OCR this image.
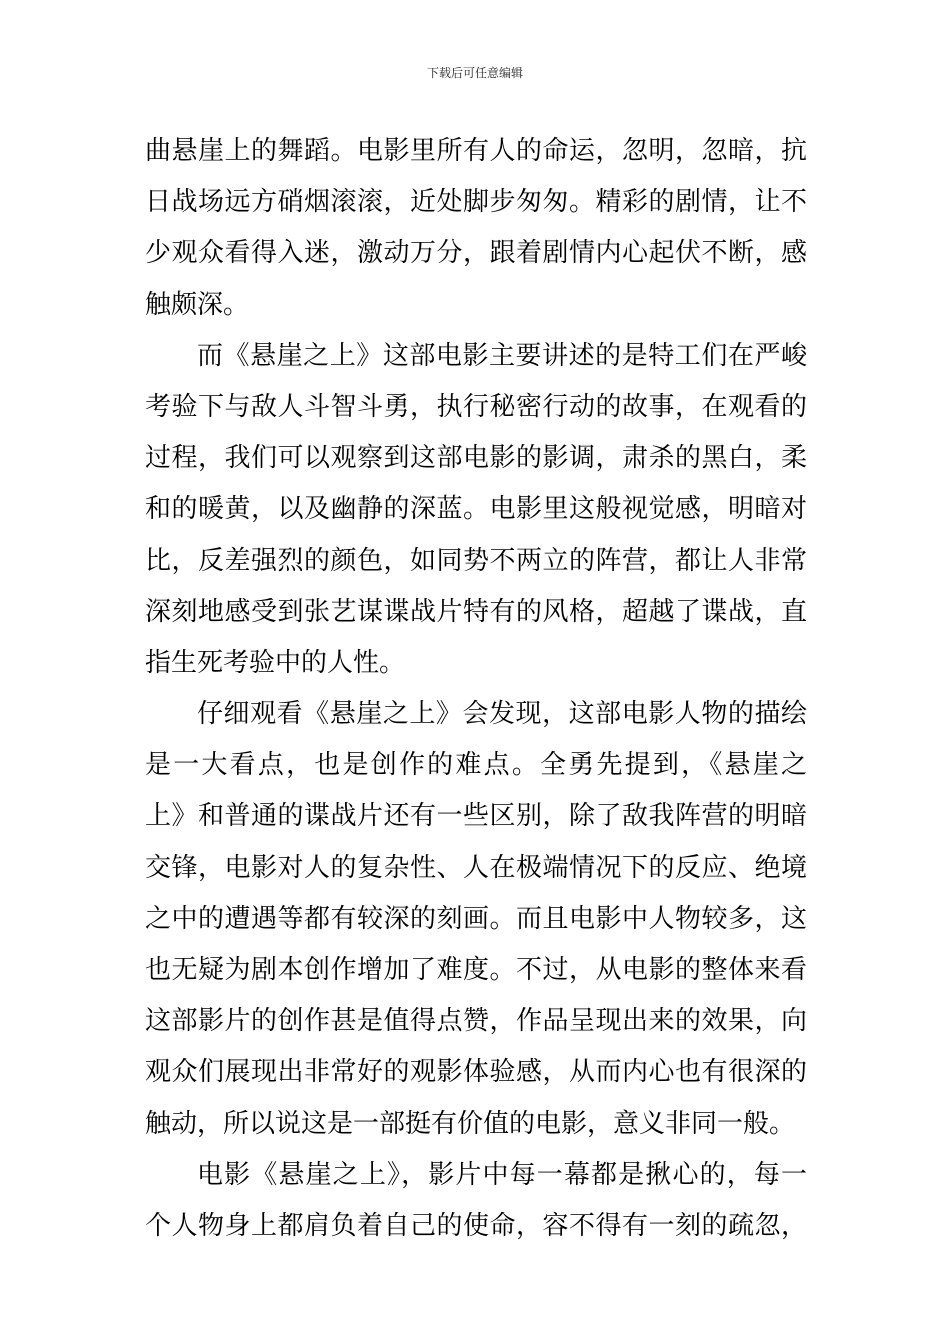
下载后可任意编辑
曲悬崖上的舞蹈。电影里所有人的命运，忽明，忽暗，抗
日战场远方硝烟滚滚，近处脚步匆匆。精彩的剧情，让不
少观众看得入迷，激动万分，跟着剧情内心起伏不断，感
触颇深。
而《悬崖之上》这部电影主要讲述的是特工们在严峻
考验下与敌人斗智斗勇，执行秘密行动的故事，在观看的
过程，我们可以观察到这部电影的影调，肃杀的黑白，柔
和的暖黄，以及幽静的深蓝。电影里这般视觉感，明暗对
比，反差强烈的颜色，如同势不两立的阵营，都让人非常
深刻地感受到张艺谋谍战片特有的风格，超越了谍战，直
指生死考验中的人性。
仔细观看《悬崖之上》会发现，这部电影人物的描绘
是一大看点，也是创作的难点。全勇先提到，《悬崖之
上》和普通的谍战片还有一些区别，除了敌我阵营的明暗
交锋，电影对人的复杂性、人在极端情况下的反应、绝境
之中的遭遇等都有较深的刻画。而且电影中人物较多，这
也无疑为剧本创作增加了难度。不过，从电影的整体来看
这部影片的创作甚是值得点赞，作品呈现出来的效果，向
观众们展现出非常好的观影体验感，从而内心也有很深的
触动，所以说这是一部挺有价值的电影，意义非同一般。
电影《悬崖之上》，影片中每一幕都是揪心的，每一
个人物身上都肩负着自己的使命，容不得有一刻的疏忽，
